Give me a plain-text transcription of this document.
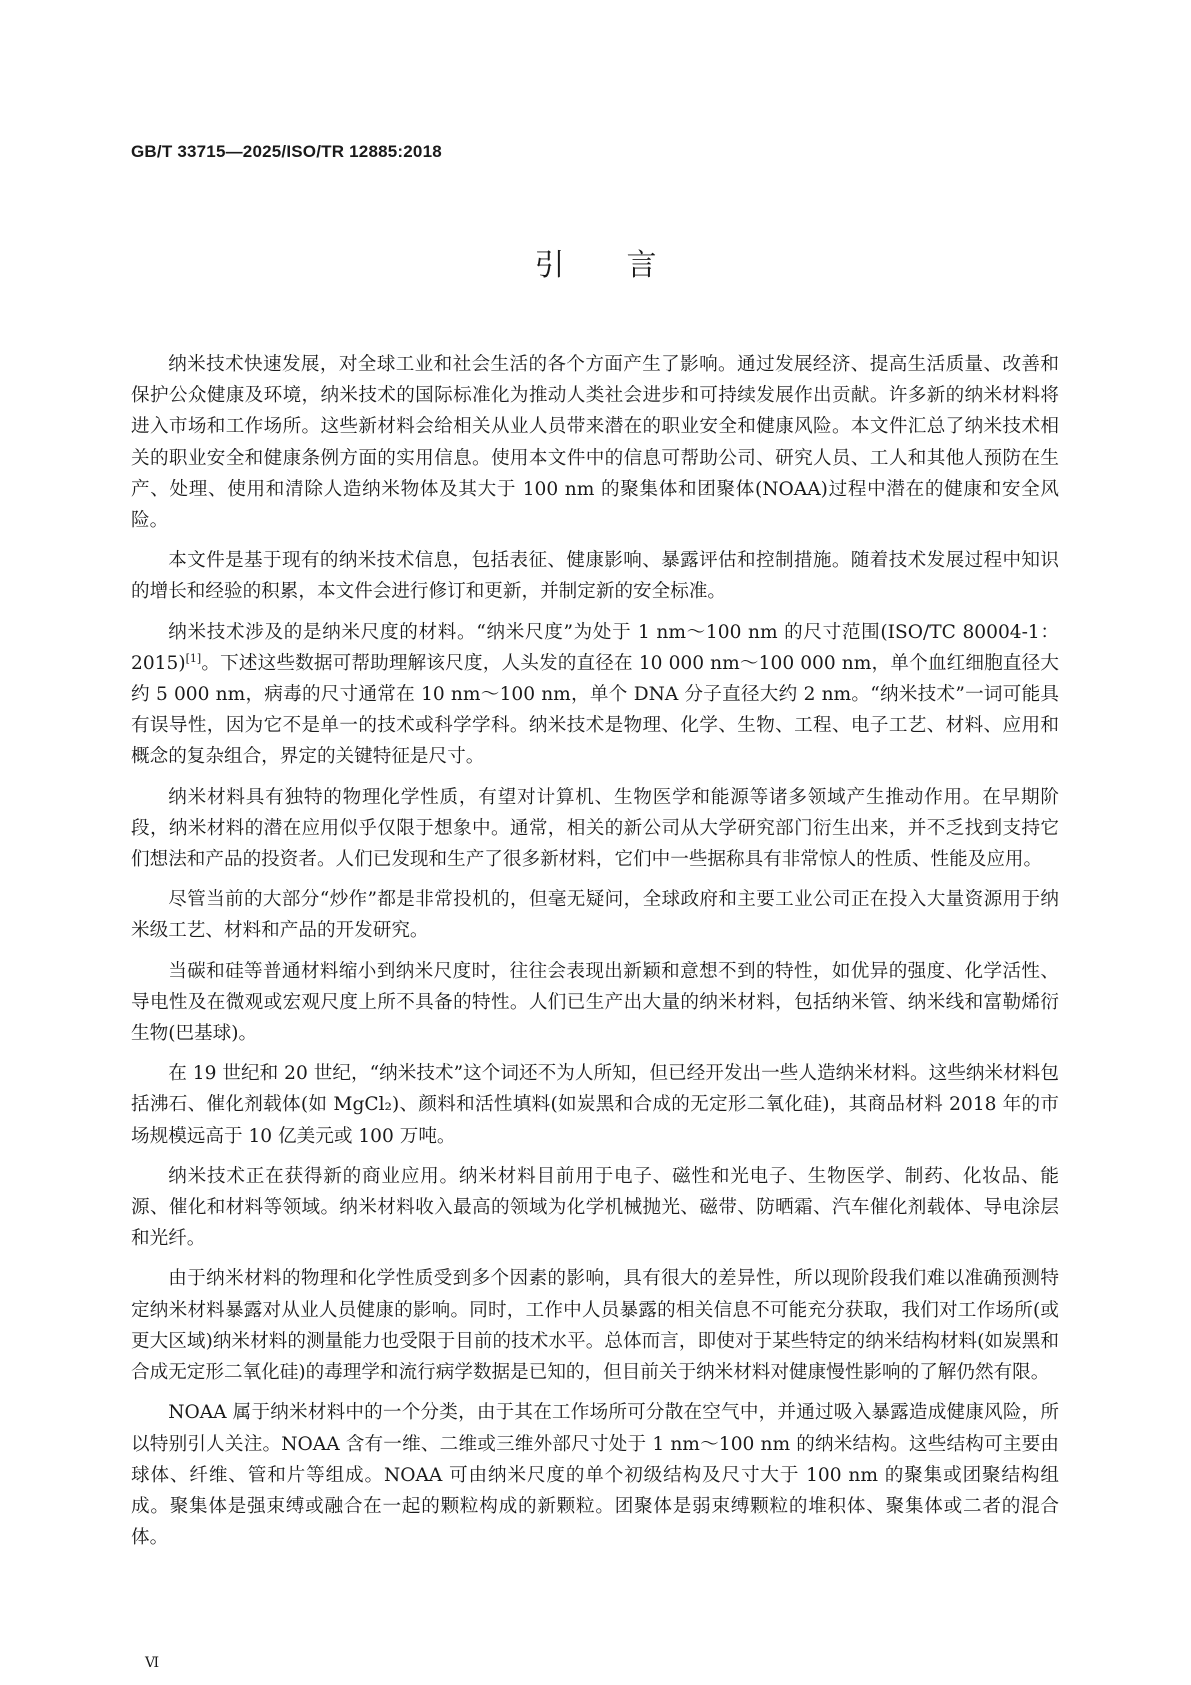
GB/T 33715—2025/ISO/TR 12885:2018
引言

纳米技术快速发展，对全球工业和社会生活的各个方面产生了影响。通过发展经济、提高生活质量、改善和保护公众健康及环境，纳米技术的国际标准化为推动人类社会进步和可持续发展作出贡献。许多新的纳米材料将进入市场和工作场所。这些新材料会给相关从业人员带来潜在的职业安全和健康风险。本文件汇总了纳米技术相关的职业安全和健康条例方面的实用信息。使用本文件中的信息可帮助公司、研究人员、工人和其他人预防在生产、处理、使用和清除人造纳米物体及其大于 100 nm 的聚集体和团聚体(NOAA)过程中潜在的健康和安全风险。

本文件是基于现有的纳米技术信息，包括表征、健康影响、暴露评估和控制措施。随着技术发展过程中知识的增长和经验的积累，本文件会进行修订和更新，并制定新的安全标准。

纳米技术涉及的是纳米尺度的材料。“纳米尺度”为处于 1 nm～100 nm 的尺寸范围(ISO/TC 80004-1：2015)[1]。下述这些数据可帮助理解该尺度，人头发的直径在 10 000 nm～100 000 nm，单个血红细胞直径大约 5 000 nm，病毒的尺寸通常在 10 nm～100 nm，单个 DNA 分子直径大约 2 nm。“纳米技术”一词可能具有误导性，因为它不是单一的技术或科学学科。纳米技术是物理、化学、生物、工程、电子工艺、材料、应用和概念的复杂组合，界定的关键特征是尺寸。

纳米材料具有独特的物理化学性质，有望对计算机、生物医学和能源等诸多领域产生推动作用。在早期阶段，纳米材料的潜在应用似乎仅限于想象中。通常，相关的新公司从大学研究部门衍生出来，并不乏找到支持它们想法和产品的投资者。人们已发现和生产了很多新材料，它们中一些据称具有非常惊人的性质、性能及应用。

尽管当前的大部分“炒作”都是非常投机的，但毫无疑问，全球政府和主要工业公司正在投入大量资源用于纳米级工艺、材料和产品的开发研究。

当碳和硅等普通材料缩小到纳米尺度时，往往会表现出新颖和意想不到的特性，如优异的强度、化学活性、导电性及在微观或宏观尺度上所不具备的特性。人们已生产出大量的纳米材料，包括纳米管、纳米线和富勒烯衍生物(巴基球)。

在 19 世纪和 20 世纪，“纳米技术”这个词还不为人所知，但已经开发出一些人造纳米材料。这些纳米材料包括沸石、催化剂载体(如 MgCl₂)、颜料和活性填料(如炭黑和合成的无定形二氧化硅)，其商品材料 2018 年的市场规模远高于 10 亿美元或 100 万吨。

纳米技术正在获得新的商业应用。纳米材料目前用于电子、磁性和光电子、生物医学、制药、化妆品、能源、催化和材料等领域。纳米材料收入最高的领域为化学机械抛光、磁带、防晒霜、汽车催化剂载体、导电涂层和光纤。

由于纳米材料的物理和化学性质受到多个因素的影响，具有很大的差异性，所以现阶段我们难以准确预测特定纳米材料暴露对从业人员健康的影响。同时，工作中人员暴露的相关信息不可能充分获取，我们对工作场所(或更大区域)纳米材料的测量能力也受限于目前的技术水平。总体而言，即使对于某些特定的纳米结构材料(如炭黑和合成无定形二氧化硅)的毒理学和流行病学数据是已知的，但目前关于纳米材料对健康慢性影响的了解仍然有限。

NOAA 属于纳米材料中的一个分类，由于其在工作场所可分散在空气中，并通过吸入暴露造成健康风险，所以特别引人关注。NOAA 含有一维、二维或三维外部尺寸处于 1 nm～100 nm 的纳米结构。这些结构可主要由球体、纤维、管和片等组成。NOAA 可由纳米尺度的单个初级结构及尺寸大于 100 nm 的聚集或团聚结构组成。聚集体是强束缚或融合在一起的颗粒构成的新颗粒。团聚体是弱束缚颗粒的堆积体、聚集体或二者的混合体。

Ⅵ
